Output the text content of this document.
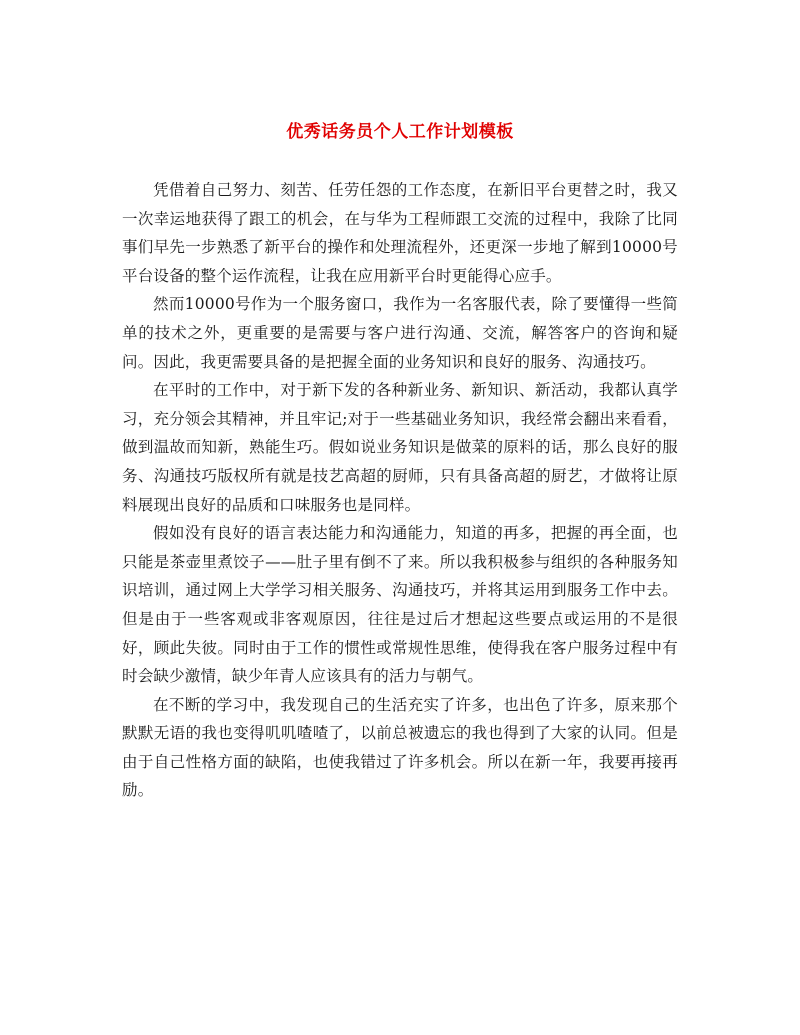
优秀话务员个人工作计划模板

凭借着自己努力、刻苦、任劳任怨的工作态度，在新旧平台更替之时，我又一次幸运地获得了跟工的机会，在与华为工程师跟工交流的过程中，我除了比同事们早先一步熟悉了新平台的操作和处理流程外，还更深一步地了解到10000号平台设备的整个运作流程，让我在应用新平台时更能得心应手。

然而10000号作为一个服务窗口，我作为一名客服代表，除了要懂得一些简单的技术之外，更重要的是需要与客户进行沟通、交流，解答客户的咨询和疑问。因此，我更需要具备的是把握全面的业务知识和良好的服务、沟通技巧。

在平时的工作中，对于新下发的各种新业务、新知识、新活动，我都认真学习，充分领会其精神，并且牢记;对于一些基础业务知识，我经常会翻出来看看，做到温故而知新，熟能生巧。假如说业务知识是做菜的原料的话，那么良好的服务、沟通技巧版权所有就是技艺高超的厨师，只有具备高超的厨艺，才做将让原料展现出良好的品质和口味服务也是同样。

假如没有良好的语言表达能力和沟通能力，知道的再多，把握的再全面，也只能是茶壶里煮饺子——肚子里有倒不了来。所以我积极参与组织的各种服务知识培训，通过网上大学学习相关服务、沟通技巧，并将其运用到服务工作中去。但是由于一些客观或非客观原因，往往是过后才想起这些要点或运用的不是很好，顾此失彼。同时由于工作的惯性或常规性思维，使得我在客户服务过程中有时会缺少激情，缺少年青人应该具有的活力与朝气。

在不断的学习中，我发现自己的生活充实了许多，也出色了许多，原来那个默默无语的我也变得叽叽喳喳了，以前总被遗忘的我也得到了大家的认同。但是由于自己性格方面的缺陷，也使我错过了许多机会。所以在新一年，我要再接再励。
